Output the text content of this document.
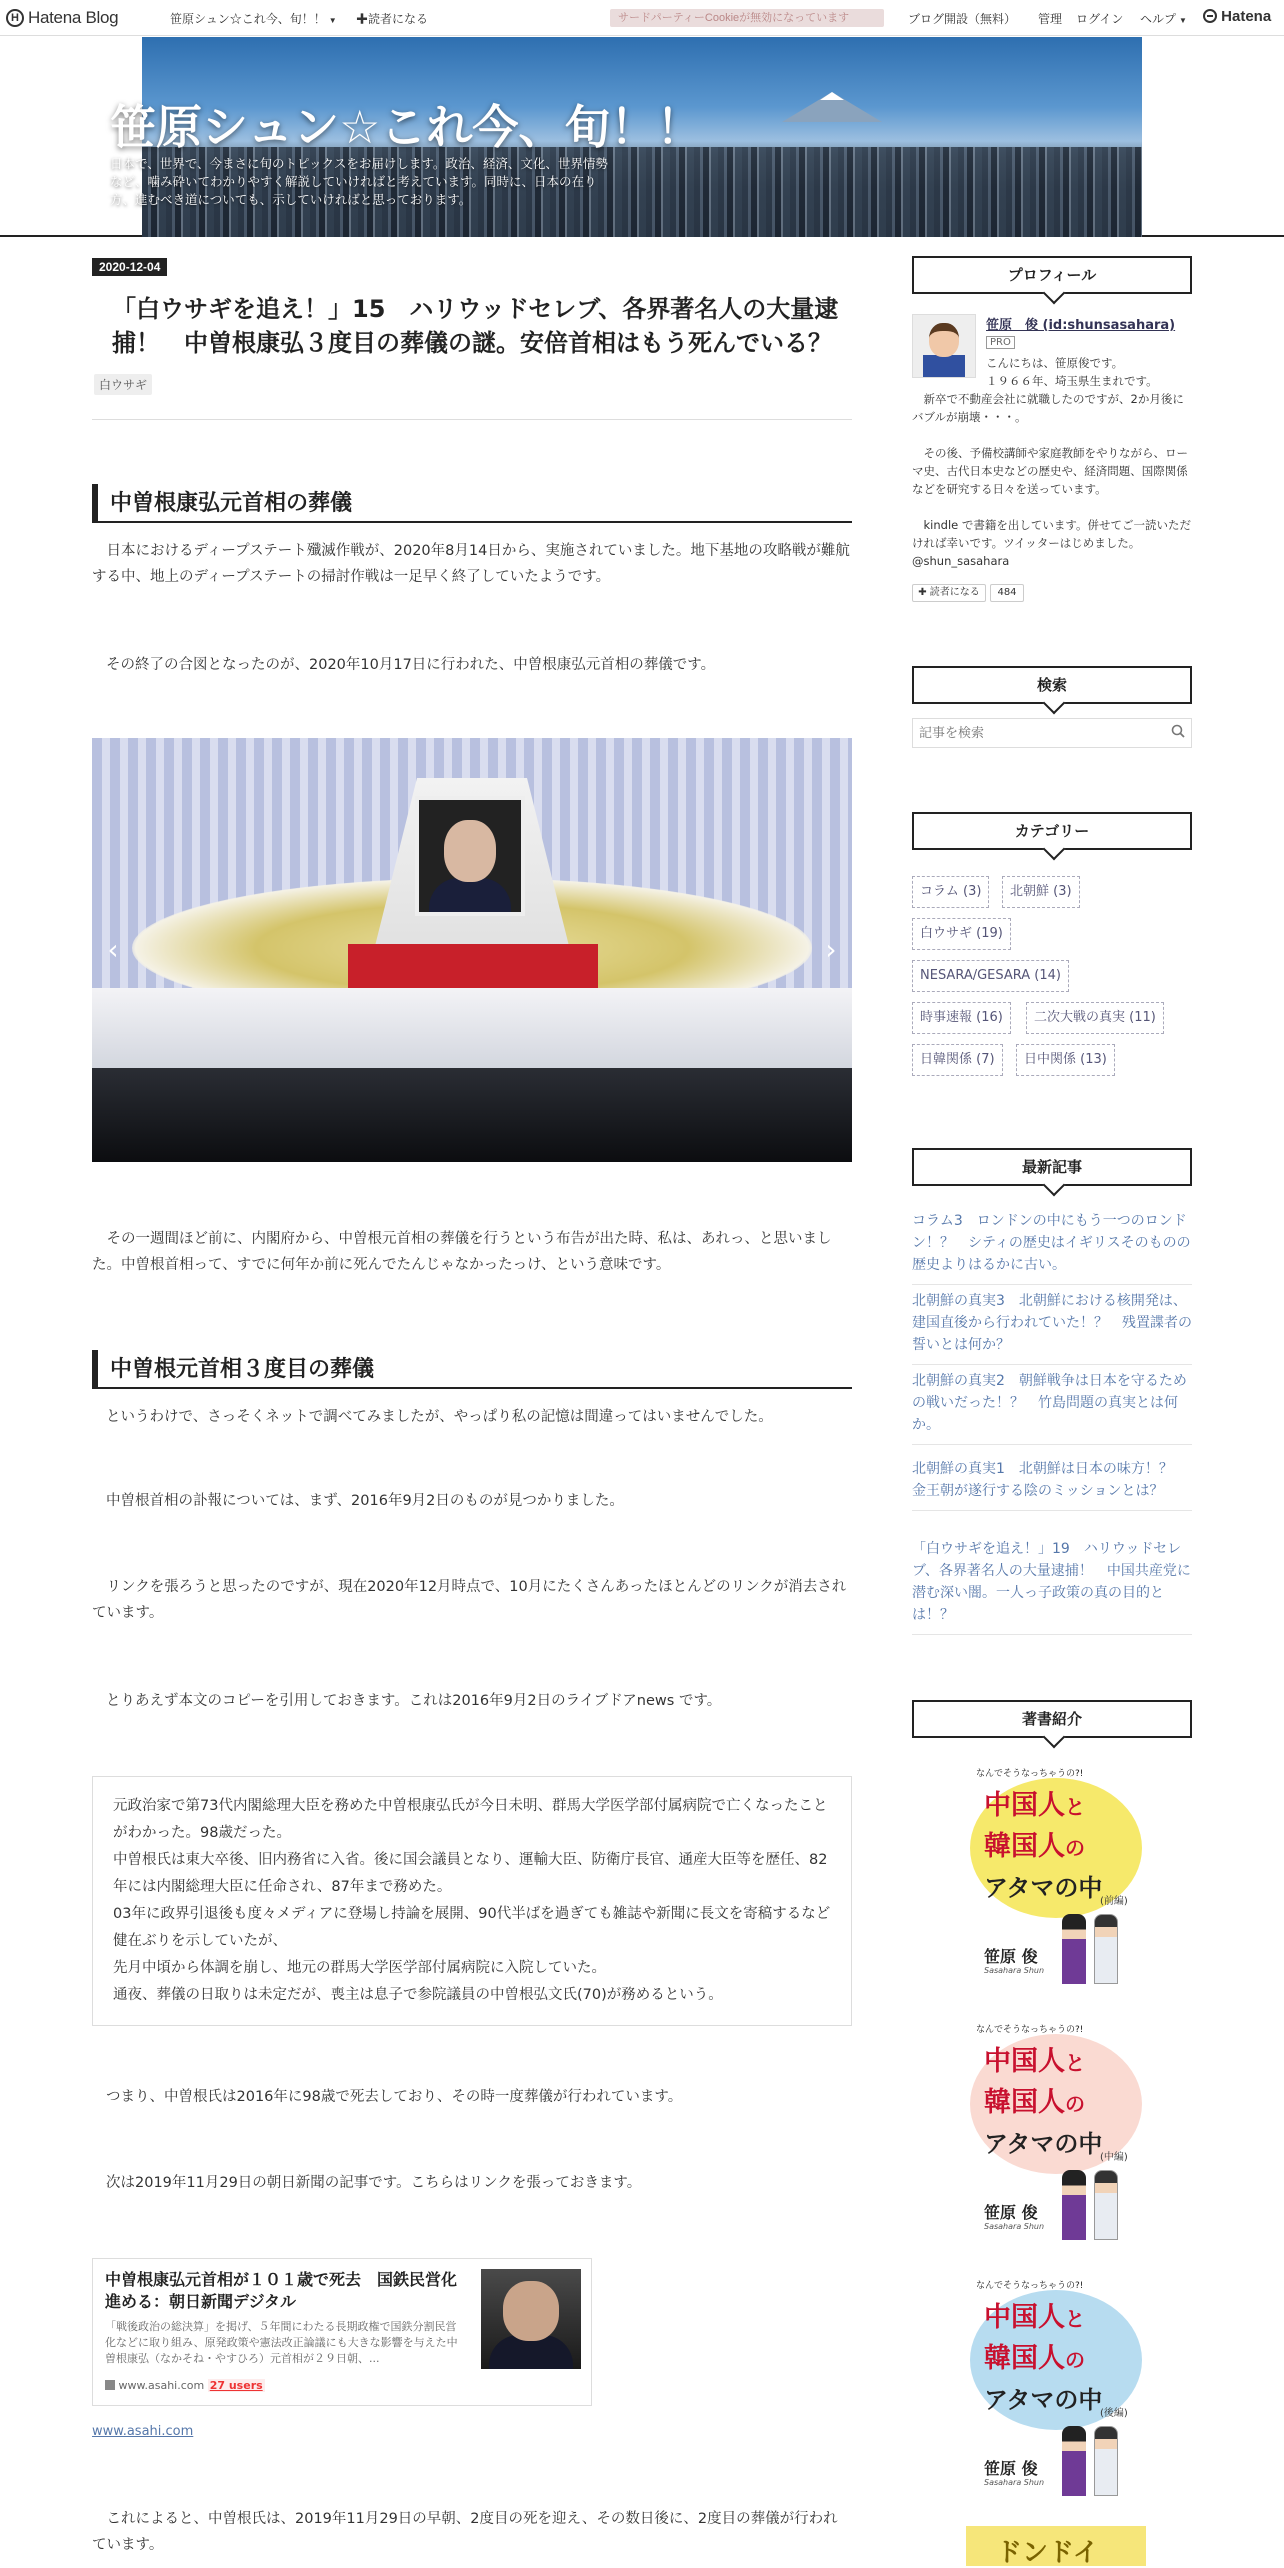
H Hatena Blog	笹原シュン☆これ今、旬！！ ▼ ✚読者になる	サードパーティーCookieが無効になっています	ブログ開設（無料） 管理 ログイン ヘルプ ▼	Hatena
笹原シュン☆これ今、旬！！
日本で、世界で、今まさに旬のトピックスをお届けします。政治、経済、文化、世界情勢など、噛み砕いてわかりやすく解説していければと考えています。同時に、日本の在り方、進むべき道についても、示していければと思っております。
2020-12-04
「白ウサギを追え！」15　ハリウッドセレブ、各界著名人の大量逮捕！　中曽根康弘３度目の葬儀の謎。安倍首相はもう死んでいる？
白ウサギ
中曽根康弘元首相の葬儀

日本におけるディープステート殲滅作戦が、2020年8月14日から、実施されていました。地下基地の攻略戦が難航する中、地上のディープステートの掃討作戦は一足早く終了していたようです。

その終了の合図となったのが、2020年10月17日に行われた、中曽根康弘元首相の葬儀です。

‹	›

その一週間ほど前に、内閣府から、中曽根元首相の葬儀を行うという布告が出た時、私は、あれっ、と思いました。中曽根首相って、すでに何年か前に死んでたんじゃなかったっけ、という意味です。

中曽根元首相３度目の葬儀

というわけで、さっそくネットで調べてみましたが、やっぱり私の記憶は間違ってはいませんでした。

中曽根首相の訃報については、まず、2016年9月2日のものが見つかりました。

リンクを張ろうと思ったのですが、現在2020年12月時点で、10月にたくさんあったほとんどのリンクが消去されています。

とりあえず本文のコピーを引用しておきます。これは2016年9月2日のライブドアnews です。

元政治家で第73代内閣総理大臣を務めた中曽根康弘氏が今日未明、群馬大学医学部付属病院で亡くなったことがわかった。98歳だった。
中曽根氏は東大卒後、旧内務省に入省。後に国会議員となり、運輸大臣、防衛庁長官、通産大臣等を歴任、82年には内閣総理大臣に任命され、87年まで務めた。
03年に政界引退後も度々メディアに登場し持論を展開、90代半ばを過ぎても雑誌や新聞に長文を寄稿するなど健在ぶりを示していたが、
先月中頃から体調を崩し、地元の群馬大学医学部付属病院に入院していた。
通夜、葬儀の日取りは未定だが、喪主は息子で参院議員の中曽根弘文氏(70)が務めるという。

つまり、中曽根氏は2016年に98歳で死去しており、その時一度葬儀が行われています。

次は2019年11月29日の朝日新聞の記事です。こちらはリンクを張っておきます。

中曽根康弘元首相が１０１歳で死去　国鉄民営化進める：朝日新聞デジタル
「戦後政治の総決算」を掲げ、５年間にわたる長期政権で国鉄分割民営化などに取り組み、原発政策や憲法改正論議にも大きな影響を与えた中曽根康弘（なかそね・やすひろ）元首相が２９日朝、...
www.asahi.com 27 users
www.asahi.com

これによると、中曽根氏は、2019年11月29日の早朝、2度目の死を迎え、その数日後に、2度目の葬儀が行われています。

プロフィール
笹原　俊 (id:shunsasahara)
PRO
こんにちは、笹原俊です。
１９６６年、埼玉県生まれです。
新卒で不動産会社に就職したのですが、2か月後にバブルが崩壊・・・。
その後、予備校講師や家庭教師をやりながら、ローマ史、古代日本史などの歴史や、経済問題、国際関係などを研究する日々を送っています。
kindle で書籍を出しています。併せてご一読いただければ幸いです。ツイッターはじめました。@shun_sasahara
✚ 読者になる	484
検索
記事を検索
カテゴリー
コラム (3)	北朝鮮 (3)
白ウサギ (19)
NESARA/GESARA (14)
時事速報 (16)	二次大戦の真実 (11)
日韓関係 (7)	日中関係 (13)
最新記事
コラム3　ロンドンの中にもう一つのロンドン！？　シティの歴史はイギリスそのものの歴史よりはるかに古い。
北朝鮮の真実3　北朝鮮における核開発は、建国直後から行われていた！？　残置諜者の誓いとは何か？
北朝鮮の真実2　朝鮮戦争は日本を守るための戦いだった！？　竹島問題の真実とは何か。
北朝鮮の真実1　北朝鮮は日本の味方！？　金王朝が遂行する陰のミッションとは？
「白ウサギを追え！」19　ハリウッドセレブ、各界著名人の大量逮捕！　中国共産党に潜む深い闇。一人っ子政策の真の目的とは！？
著書紹介
なんでそうなっちゃうの?!
中国人と
韓国人の
アタマの中
(前編)
笹原 俊
Sasahara Shun
なんでそうなっちゃうの?!
中国人と
韓国人の
アタマの中
(中編)
笹原 俊
Sasahara Shun
なんでそうなっちゃうの?!
中国人と
韓国人の
アタマの中
(後編)
笹原 俊
Sasahara Shun
ドンドイ
